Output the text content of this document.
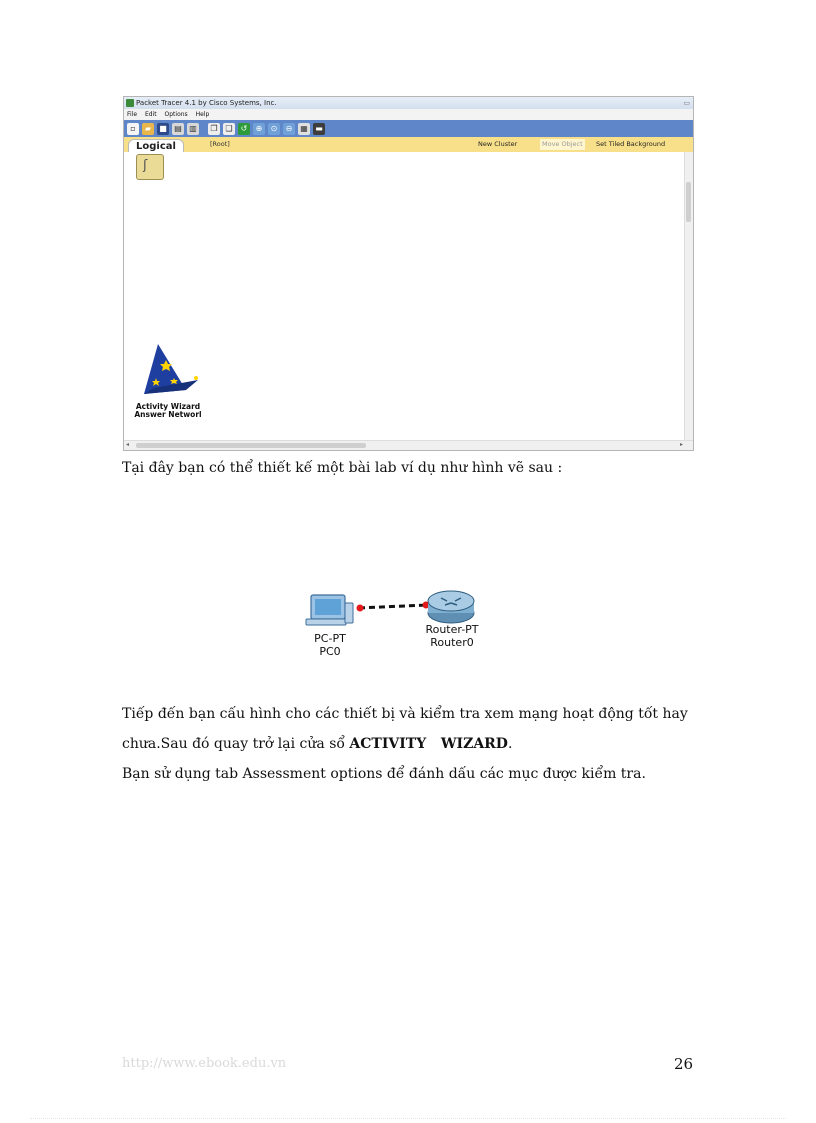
Packet Tracer 4.1 by Cisco Systems, Inc.	▭
File Edit Options Help
▫	▰	■ ▤ ▥	❐ ❑	↺	⊕	⊙	⊖ ▦ ▬
Logical	[Root]	New Cluster	Move Object	Set Tiled Background
ʃ
Activity Wizard
Answer Networl
◂	▸
Tại đây bạn có thể thiết kế một bài lab ví dụ như hình vẽ sau :
PC-PT
PC0
Router-PT
Router0
Tiếp đến bạn cấu hình cho các thiết bị và kiểm tra xem mạng hoạt động tốt hay
chưa.Sau đó quay trở lại cửa sổ ACTIVITY   WIZARD.
Bạn sử dụng tab Assessment options để đánh dấu các mục được kiểm tra.
http://www.ebook.edu.vn	26
